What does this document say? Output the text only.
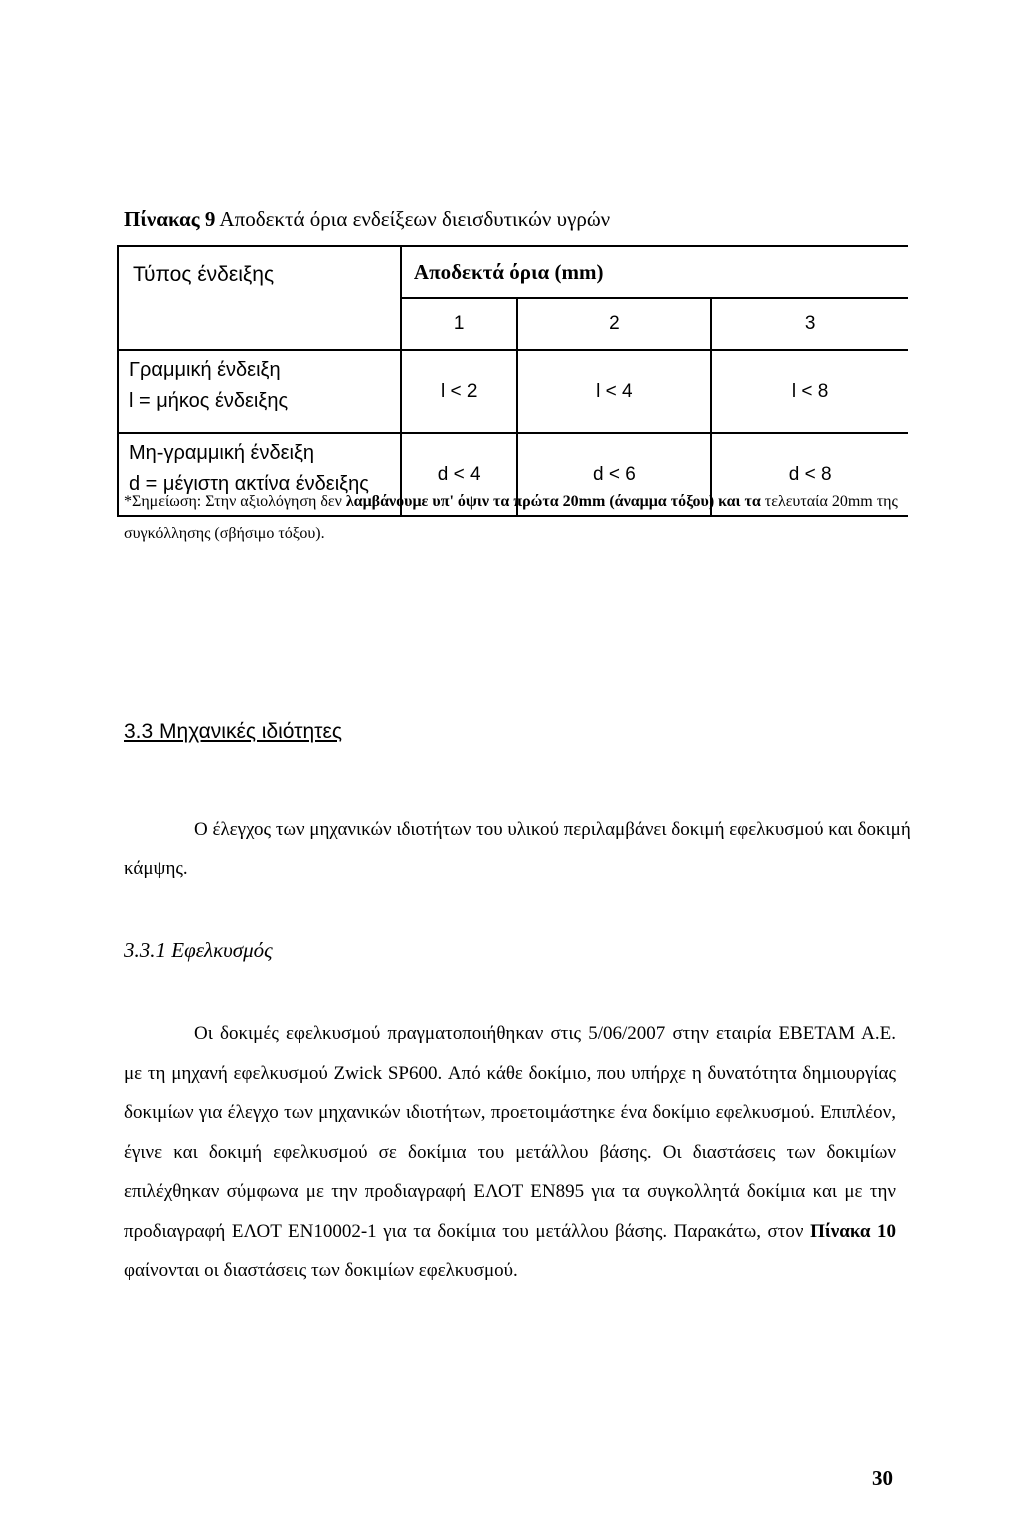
Πίνακας 9 Αποδεκτά όρια ενδείξεων διεισδυτικών υγρών
Τύπος ένδειξης	Αποδεκτά όρια (mm)		
	1	2	3

Γραμμική ένδειξη
l = μήκος ένδειξης	l < 2	l < 4	l < 8

Μη-γραμμική ένδειξη
d = μέγιστη ακτίνα ένδειξης	d < 4	d < 6	d < 8
*Σημείωση: Στην αξιολόγηση δεν λαμβάνουμε υπ' όψιν τα πρώτα 20mm (άναμμα τόξου) και τα τελευταία 20mm της συγκόλλησης (σβήσιμο τόξου).
3.3 Μηχανικές ιδιότητες
Ο έλεγχος των μηχανικών ιδιοτήτων του υλικού περιλαμβάνει δοκιμή εφελκυσμού και δοκιμή κάμψης.
3.3.1 Εφελκυσμός
Οι δοκιμές εφελκυσμού πραγματοποιήθηκαν στις 5/06/2007 στην εταιρία ΕΒΕΤΑΜ Α.Ε. με τη μηχανή εφελκυσμού Zwick SP600. Από κάθε δοκίμιο, που υπήρχε η δυνατότητα δημιουργίας δοκιμίων για έλεγχο των μηχανικών ιδιοτήτων, προετοιμάστηκε ένα δοκίμιο εφελκυσμού. Επιπλέον, έγινε και δοκιμή εφελκυσμού σε δοκίμια του μετάλλου βάσης. Οι διαστάσεις των δοκιμίων επιλέχθηκαν σύμφωνα με την προδιαγραφή ΕΛΟΤ ΕΝ895 για τα συγκολλητά δοκίμια και με την προδιαγραφή ΕΛΟΤ ΕΝ10002-1 για τα δοκίμια του μετάλλου βάσης. Παρακάτω, στον Πίνακα 10 φαίνονται οι διαστάσεις των δοκιμίων εφελκυσμού.
30
